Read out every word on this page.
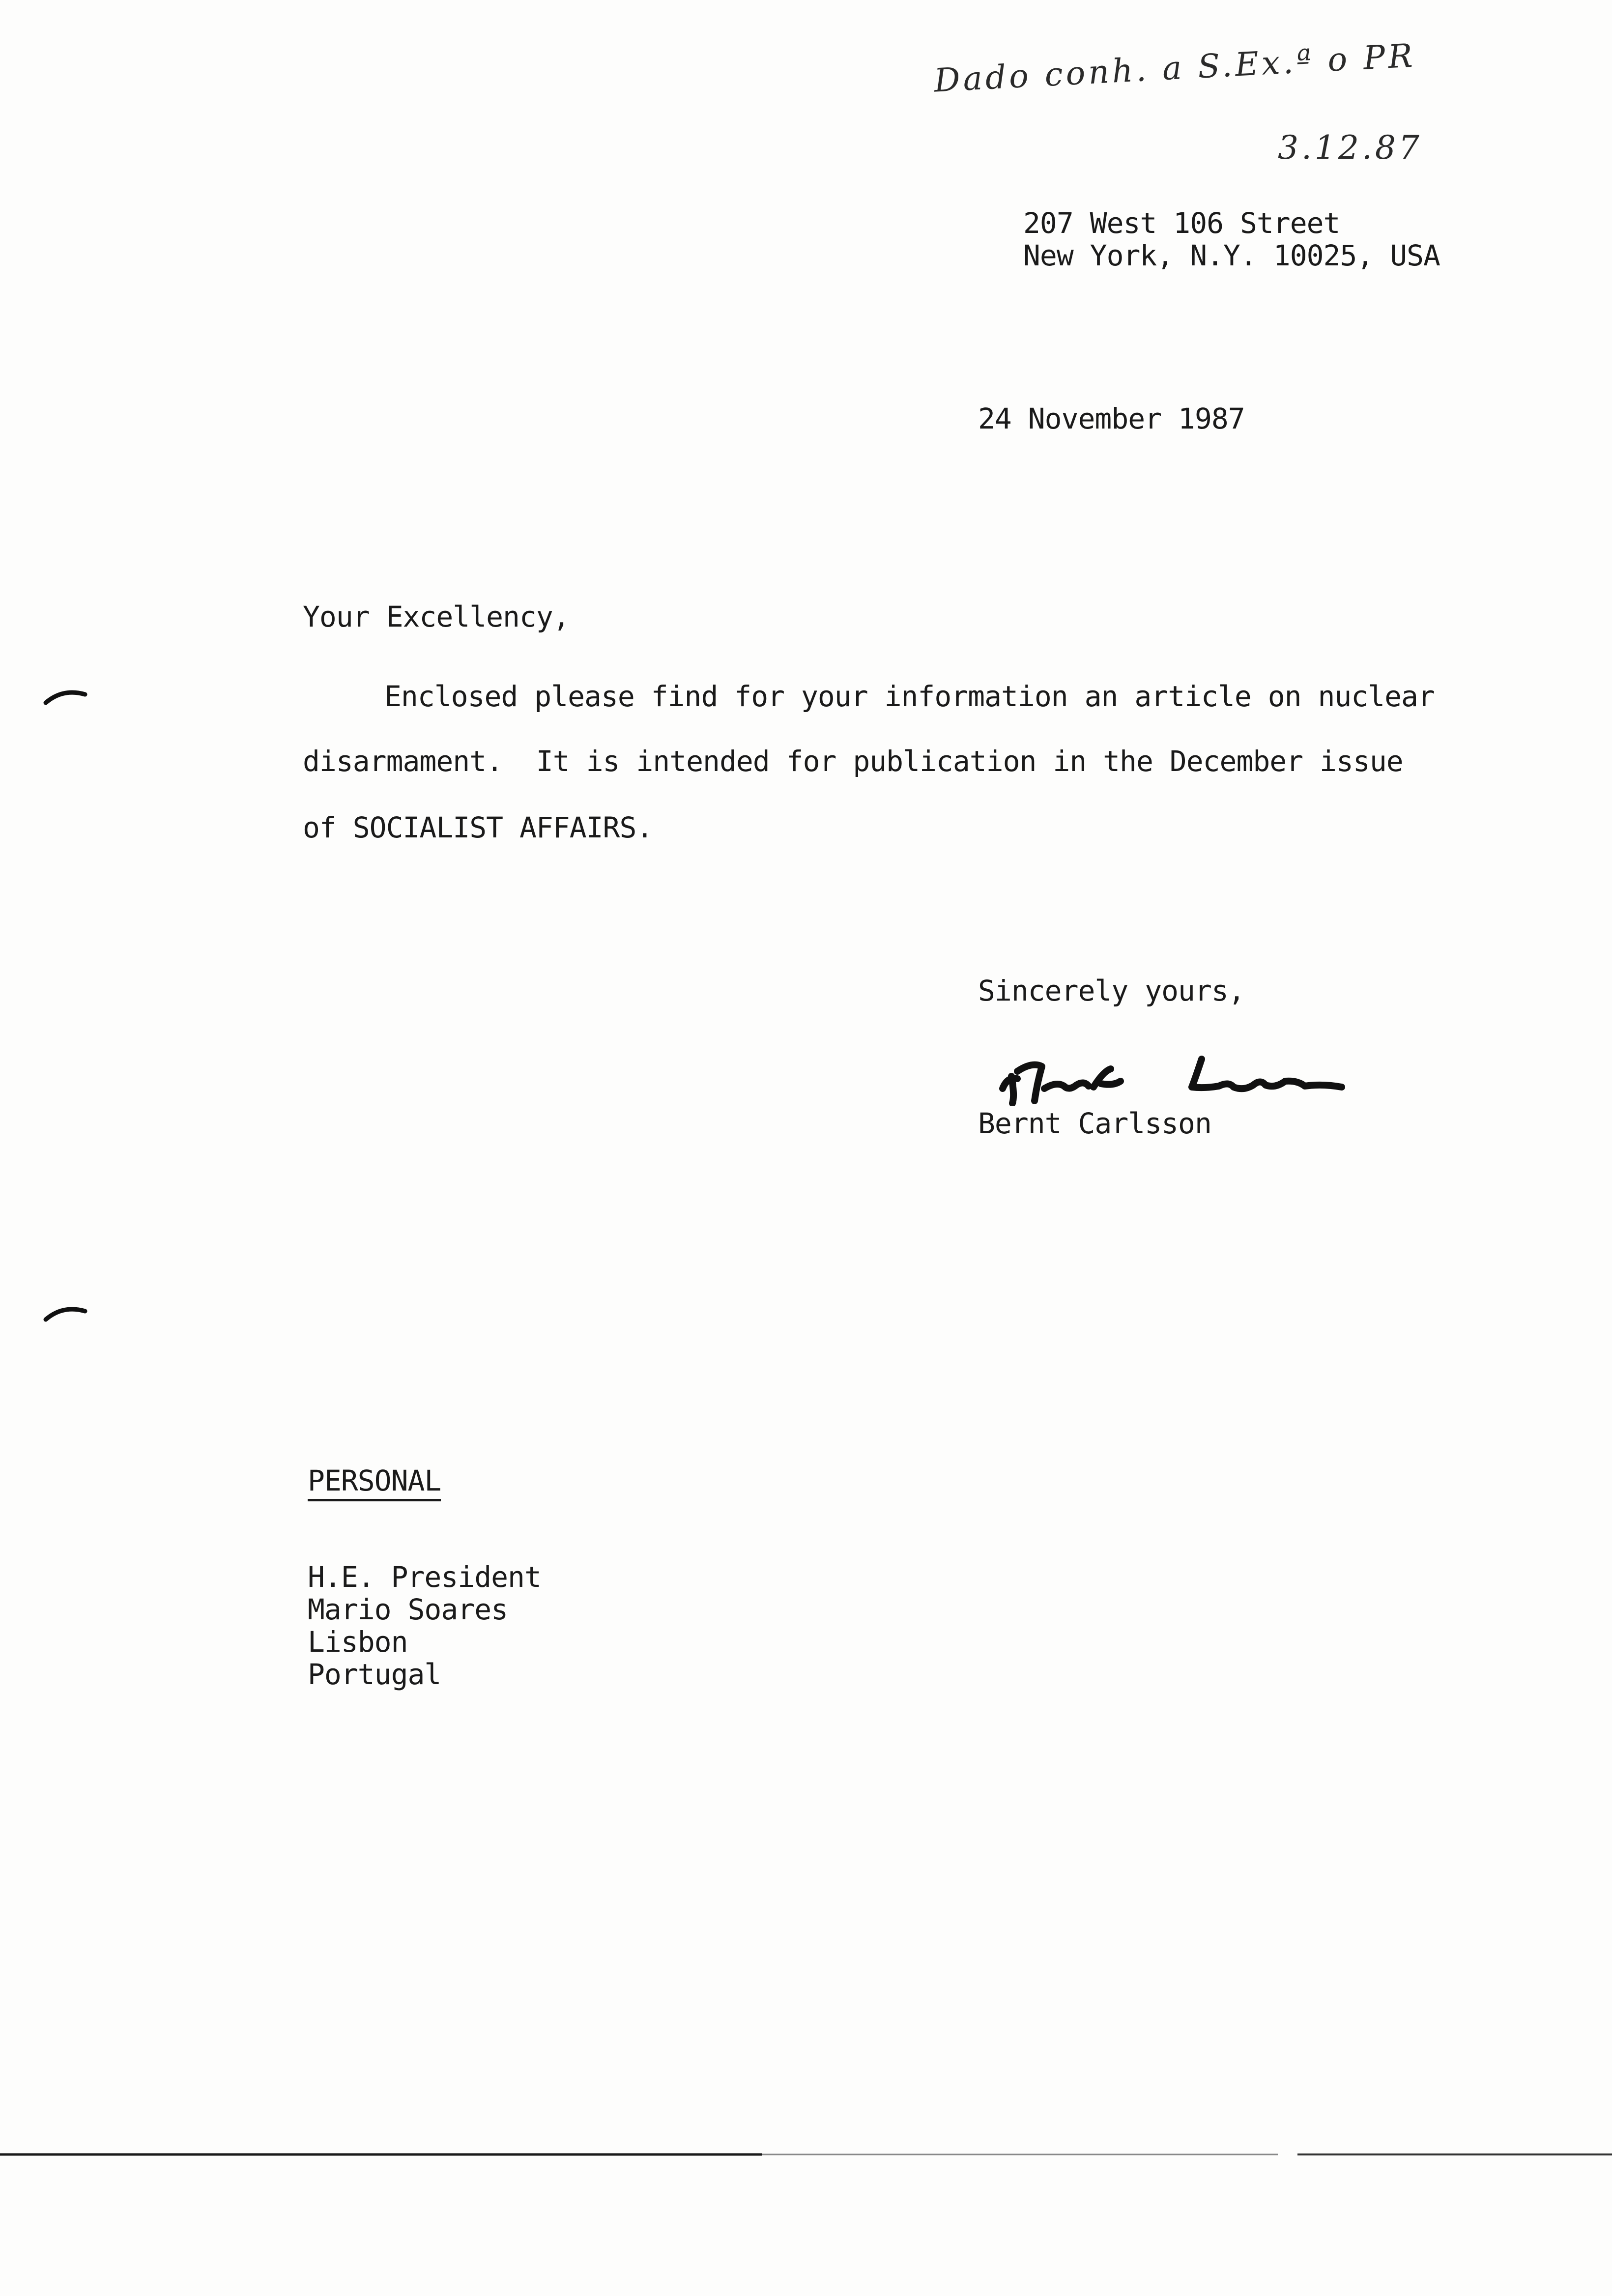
Dado conh. a S.Ex.ª o PR
3.12.87
207 West 106 Street
New York, N.Y. 10025, USA
24 November 1987
Your Excellency,
Enclosed please find for your information an article on nuclear
disarmament.  It is intended for publication in the December issue
of SOCIALIST AFFAIRS.
Sincerely yours,
Bernt Carlsson
PERSONAL
H.E. President
Mario Soares
Lisbon
Portugal
